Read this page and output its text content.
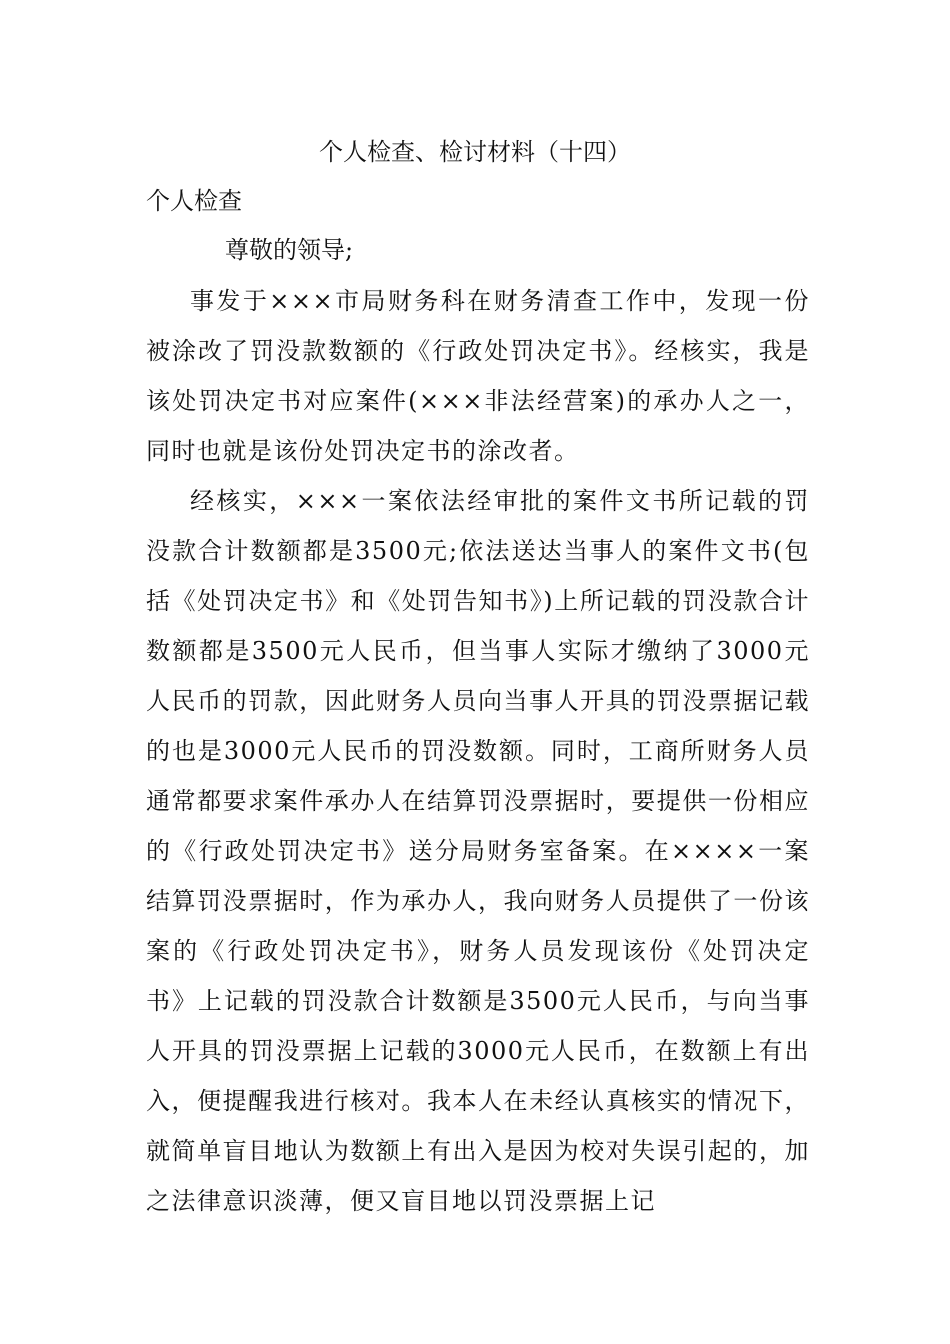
个人检查、检讨材料（十四）

个人检查

尊敬的领导;

事发于×××市局财务科在财务清查工作中，发现一份被涂改了罚没款数额的《行政处罚决定书》。经核实，我是该处罚决定书对应案件(×××非法经营案)的承办人之一，同时也就是该份处罚决定书的涂改者。

经核实，×××一案依法经审批的案件文书所记载的罚没款合计数额都是3500元;依法送达当事人的案件文书(包括《处罚决定书》和《处罚告知书》)上所记载的罚没款合计数额都是3500元人民币，但当事人实际才缴纳了3000元人民币的罚款，因此财务人员向当事人开具的罚没票据记载的也是3000元人民币的罚没数额。同时，工商所财务人员通常都要求案件承办人在结算罚没票据时，要提供一份相应的《行政处罚决定书》送分局财务室备案。在××××一案结算罚没票据时，作为承办人，我向财务人员提供了一份该案的《行政处罚决定书》，财务人员发现该份《处罚决定书》上记载的罚没款合计数额是3500元人民币，与向当事人开具的罚没票据上记载的3000元人民币，在数额上有出入，便提醒我进行核对。我本人在未经认真核实的情况下，就简单盲目地认为数额上有出入是因为校对失误引起的，加之法律意识淡薄，便又盲目地以罚没票据上记
